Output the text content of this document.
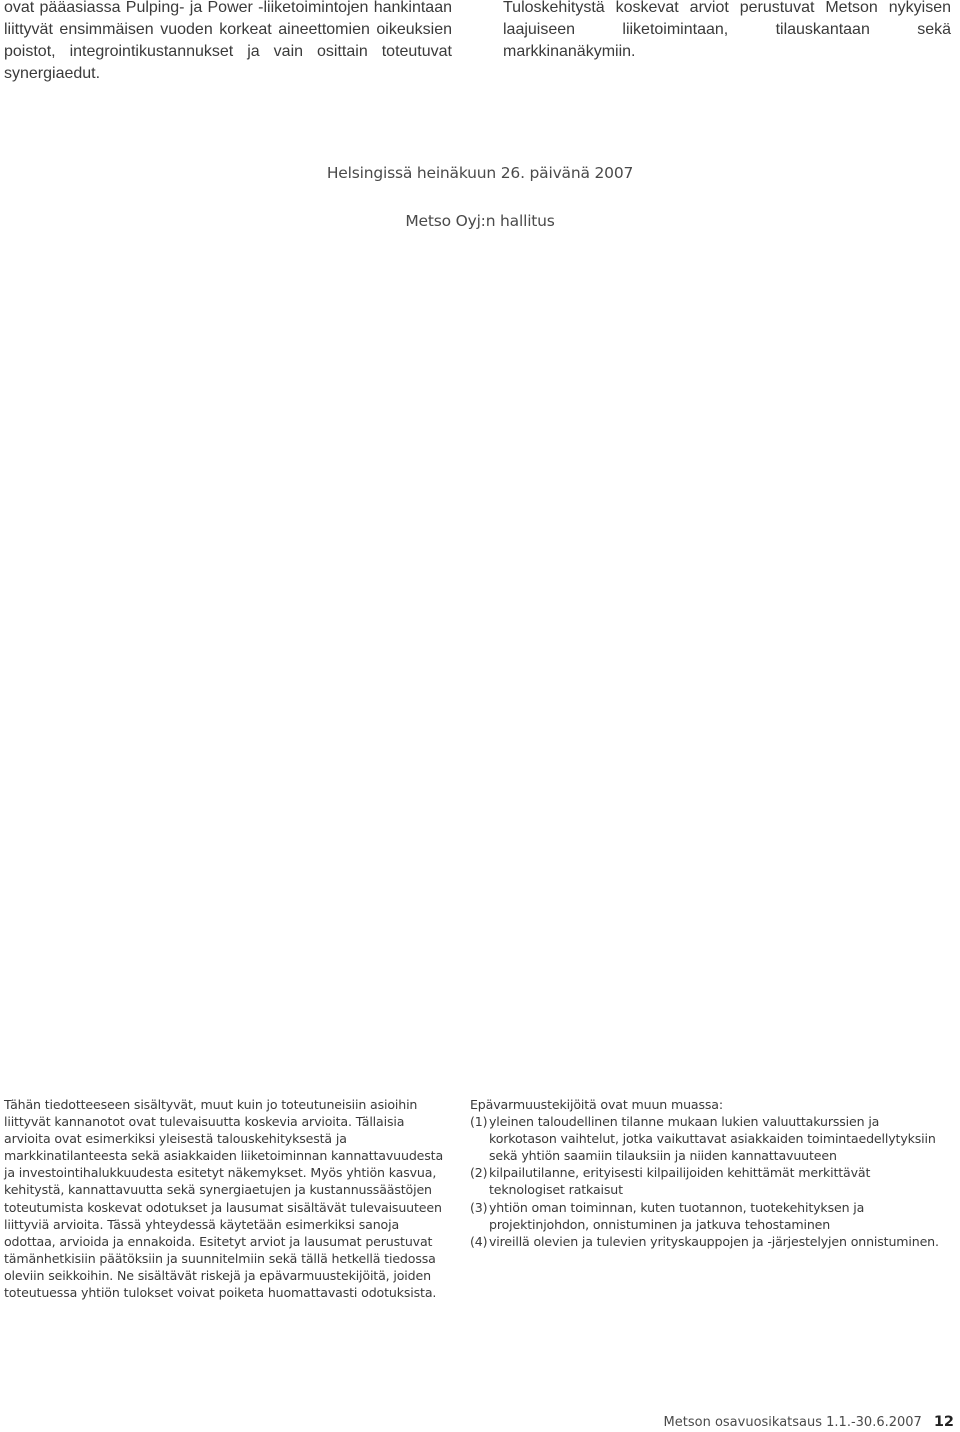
ovat pääasiassa Pulping- ja Power -liiketoimintojen hankintaan liittyvät ensimmäisen vuoden korkeat aineettomien oikeuksien poistot, integrointikustannukset ja vain osittain toteutuvat synergiaedut.

Tuloskehitystä koskevat arviot perustuvat Metson nykyisen laajuiseen liiketoimintaan, tilauskantaan sekä markkinanäkymiin.

Helsingissä heinäkuun 26. päivänä 2007
Metso Oyj:n hallitus
Tähän tiedotteeseen sisältyvät, muut kuin jo toteutuneisiin asioihin liittyvät kannanotot ovat tulevaisuutta koskevia arvioita. Tällaisia arvioita ovat esimerkiksi yleisestä talouskehityksestä ja markkinatilanteesta sekä asiakkaiden liiketoiminnan kannattavuudesta ja investointihalukkuudesta esitetyt näkemykset. Myös yhtiön kasvua, kehitystä, kannattavuutta sekä synergiaetujen ja kustannussäästöjen toteutumista koskevat odotukset ja lausumat sisältävät tulevaisuuteen liittyviä arvioita. Tässä yhteydessä käytetään esimerkiksi sanoja odottaa, arvioida ja ennakoida. Esitetyt arviot ja lausumat perustuvat tämänhetkisiin päätöksiin ja suunnitelmiin sekä tällä hetkellä tiedossa oleviin seikkoihin. Ne sisältävät riskejä ja epävarmuustekijöitä, joiden toteutuessa yhtiön tulokset voivat poiketa huomattavasti odotuksista.
Epävarmuustekijöitä ovat muun muassa:
(1) yleinen taloudellinen tilanne mukaan lukien valuuttakurssien ja korkotason vaihtelut, jotka vaikuttavat asiakkaiden toimintaedellytyksiin sekä yhtiön saamiin tilauksiin ja niiden kannattavuuteen
(2) kilpailutilanne, erityisesti kilpailijoiden kehittämät merkittävät teknologiset ratkaisut
(3) yhtiön oman toiminnan, kuten tuotannon, tuotekehityksen ja projektinjohdon, onnistuminen ja jatkuva tehostaminen
(4) vireillä olevien ja tulevien yrityskauppojen ja -järjestelyjen onnistuminen.
Metson osavuosikatsaus 1.1.-30.6.2007 12
